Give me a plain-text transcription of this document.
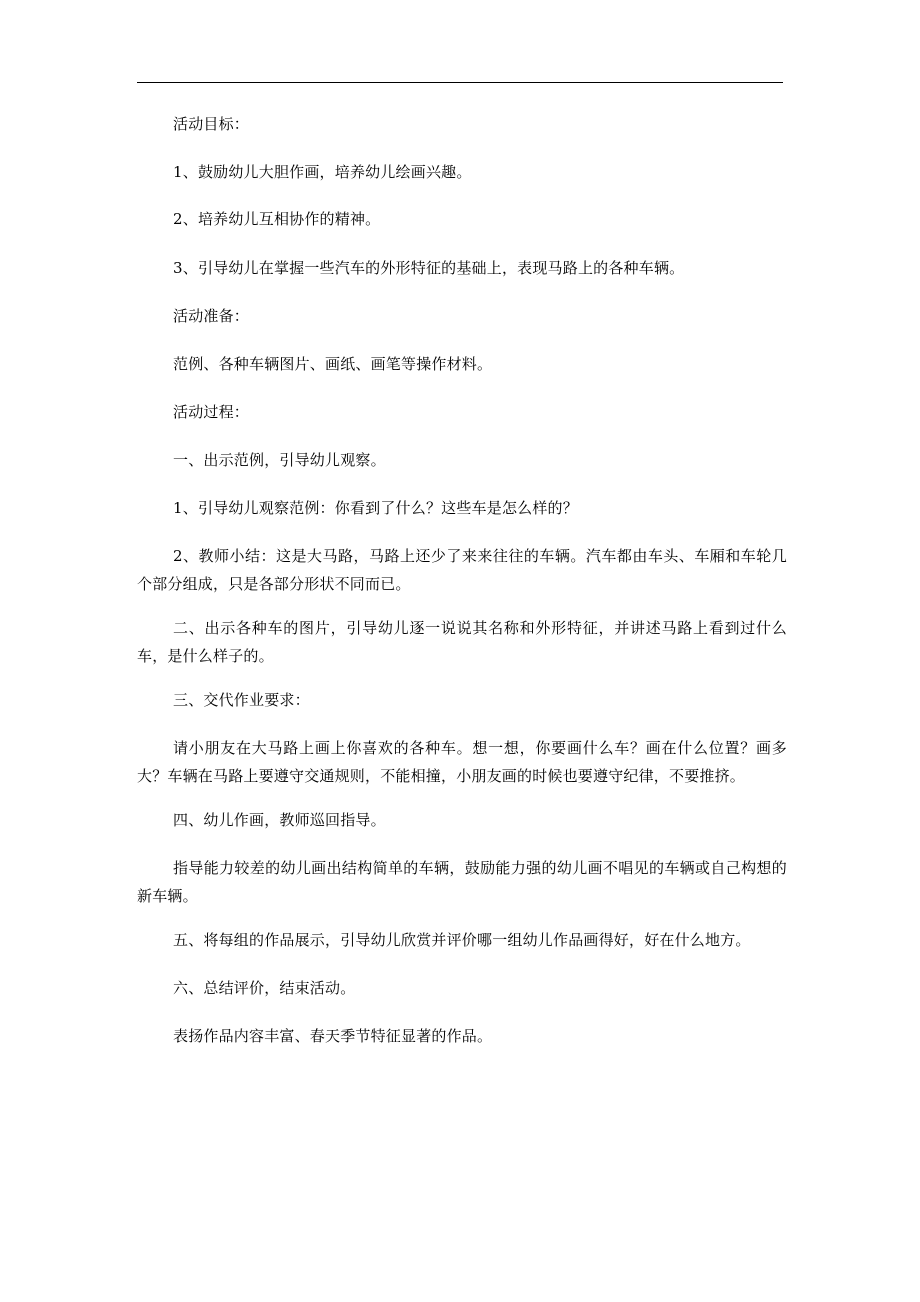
活动目标：

1、鼓励幼儿大胆作画，培养幼儿绘画兴趣。

2、培养幼儿互相协作的精神。

3、引导幼儿在掌握一些汽车的外形特征的基础上，表现马路上的各种车辆。

活动准备：

范例、各种车辆图片、画纸、画笔等操作材料。

活动过程：

一、出示范例，引导幼儿观察。

1、引导幼儿观察范例：你看到了什么？这些车是怎么样的？

2、教师小结：这是大马路，马路上还少了来来往往的车辆。汽车都由车头、车厢和车轮几个部分组成，只是各部分形状不同而已。

二、出示各种车的图片，引导幼儿逐一说说其名称和外形特征，并讲述马路上看到过什么车，是什么样子的。

三、交代作业要求：

请小朋友在大马路上画上你喜欢的各种车。想一想，你要画什么车？画在什么位置？画多大？车辆在马路上要遵守交通规则，不能相撞，小朋友画的时候也要遵守纪律，不要推挤。

四、幼儿作画，教师巡回指导。

指导能力较差的幼儿画出结构简单的车辆，鼓励能力强的幼儿画不唱见的车辆或自己构想的新车辆。

五、将每组的作品展示，引导幼儿欣赏并评价哪一组幼儿作品画得好，好在什么地方。

六、总结评价，结束活动。

表扬作品内容丰富、春天季节特征显著的作品。
